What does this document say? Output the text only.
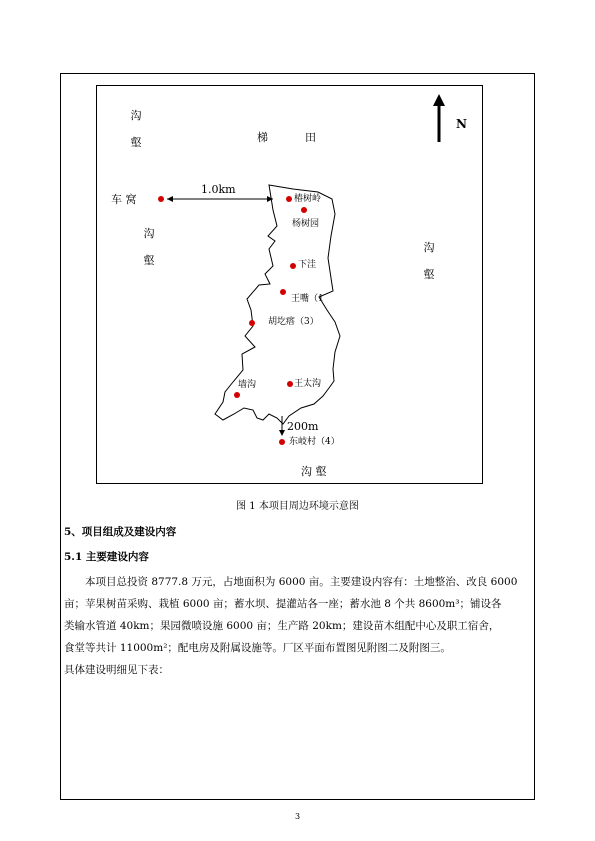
N
1.0km
200m
沟
壑	梯	田
车 窝
沟
壑
沟
壑
沟 壑
椿树岭
杨树园
下洼
王嘴（1
胡圪瘩（3）
墙沟	王太沟
东岐村（4）
图 1 本项目周边环境示意图
5、项目组成及建设内容
5.1 主要建设内容
本项目总投资 8777.8 万元，占地面积为 6000 亩。主要建设内容有：土地整治、改良 6000
亩；苹果树苗采购、栽植 6000 亩；蓄水坝、提灌站各一座；蓄水池 8 个共 8600m³；铺设各
类输水管道 40km；果园微喷设施 6000 亩；生产路 20km；建设苗木组配中心及职工宿舍，
食堂等共计 11000m²；配电房及附属设施等。厂区平面布置图见附图二及附图三。
具体建设明细见下表：
3
